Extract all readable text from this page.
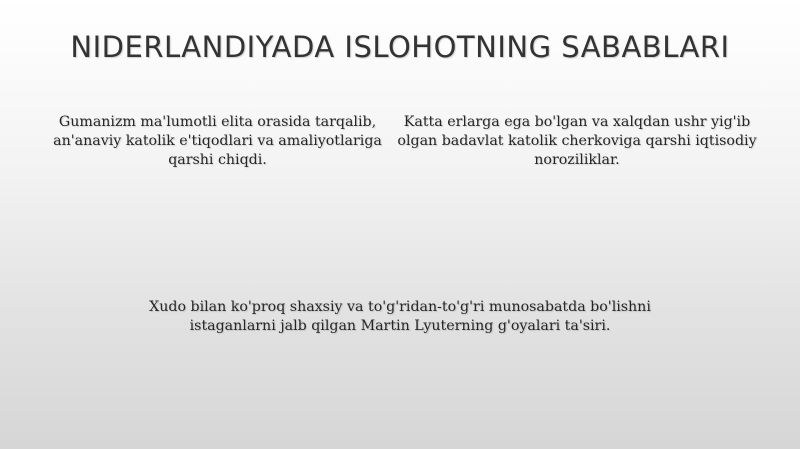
NIDERLANDIYADA ISLOHOTNING SABABLARI
Gumanizm ma'lumotli elita orasida tarqalib, an'anaviy katolik e'tiqodlari va amaliyotlariga qarshi chiqdi.
Katta erlarga ega bo'lgan va xalqdan ushr yig'ib olgan badavlat katolik cherkoviga qarshi iqtisodiy noroziliklar.
Xudo bilan ko'proq shaxsiy va to'g'ridan-to'g'ri munosabatda bo'lishni istaganlarni jalb qilgan Martin Lyuterning g'oyalari ta'siri.
